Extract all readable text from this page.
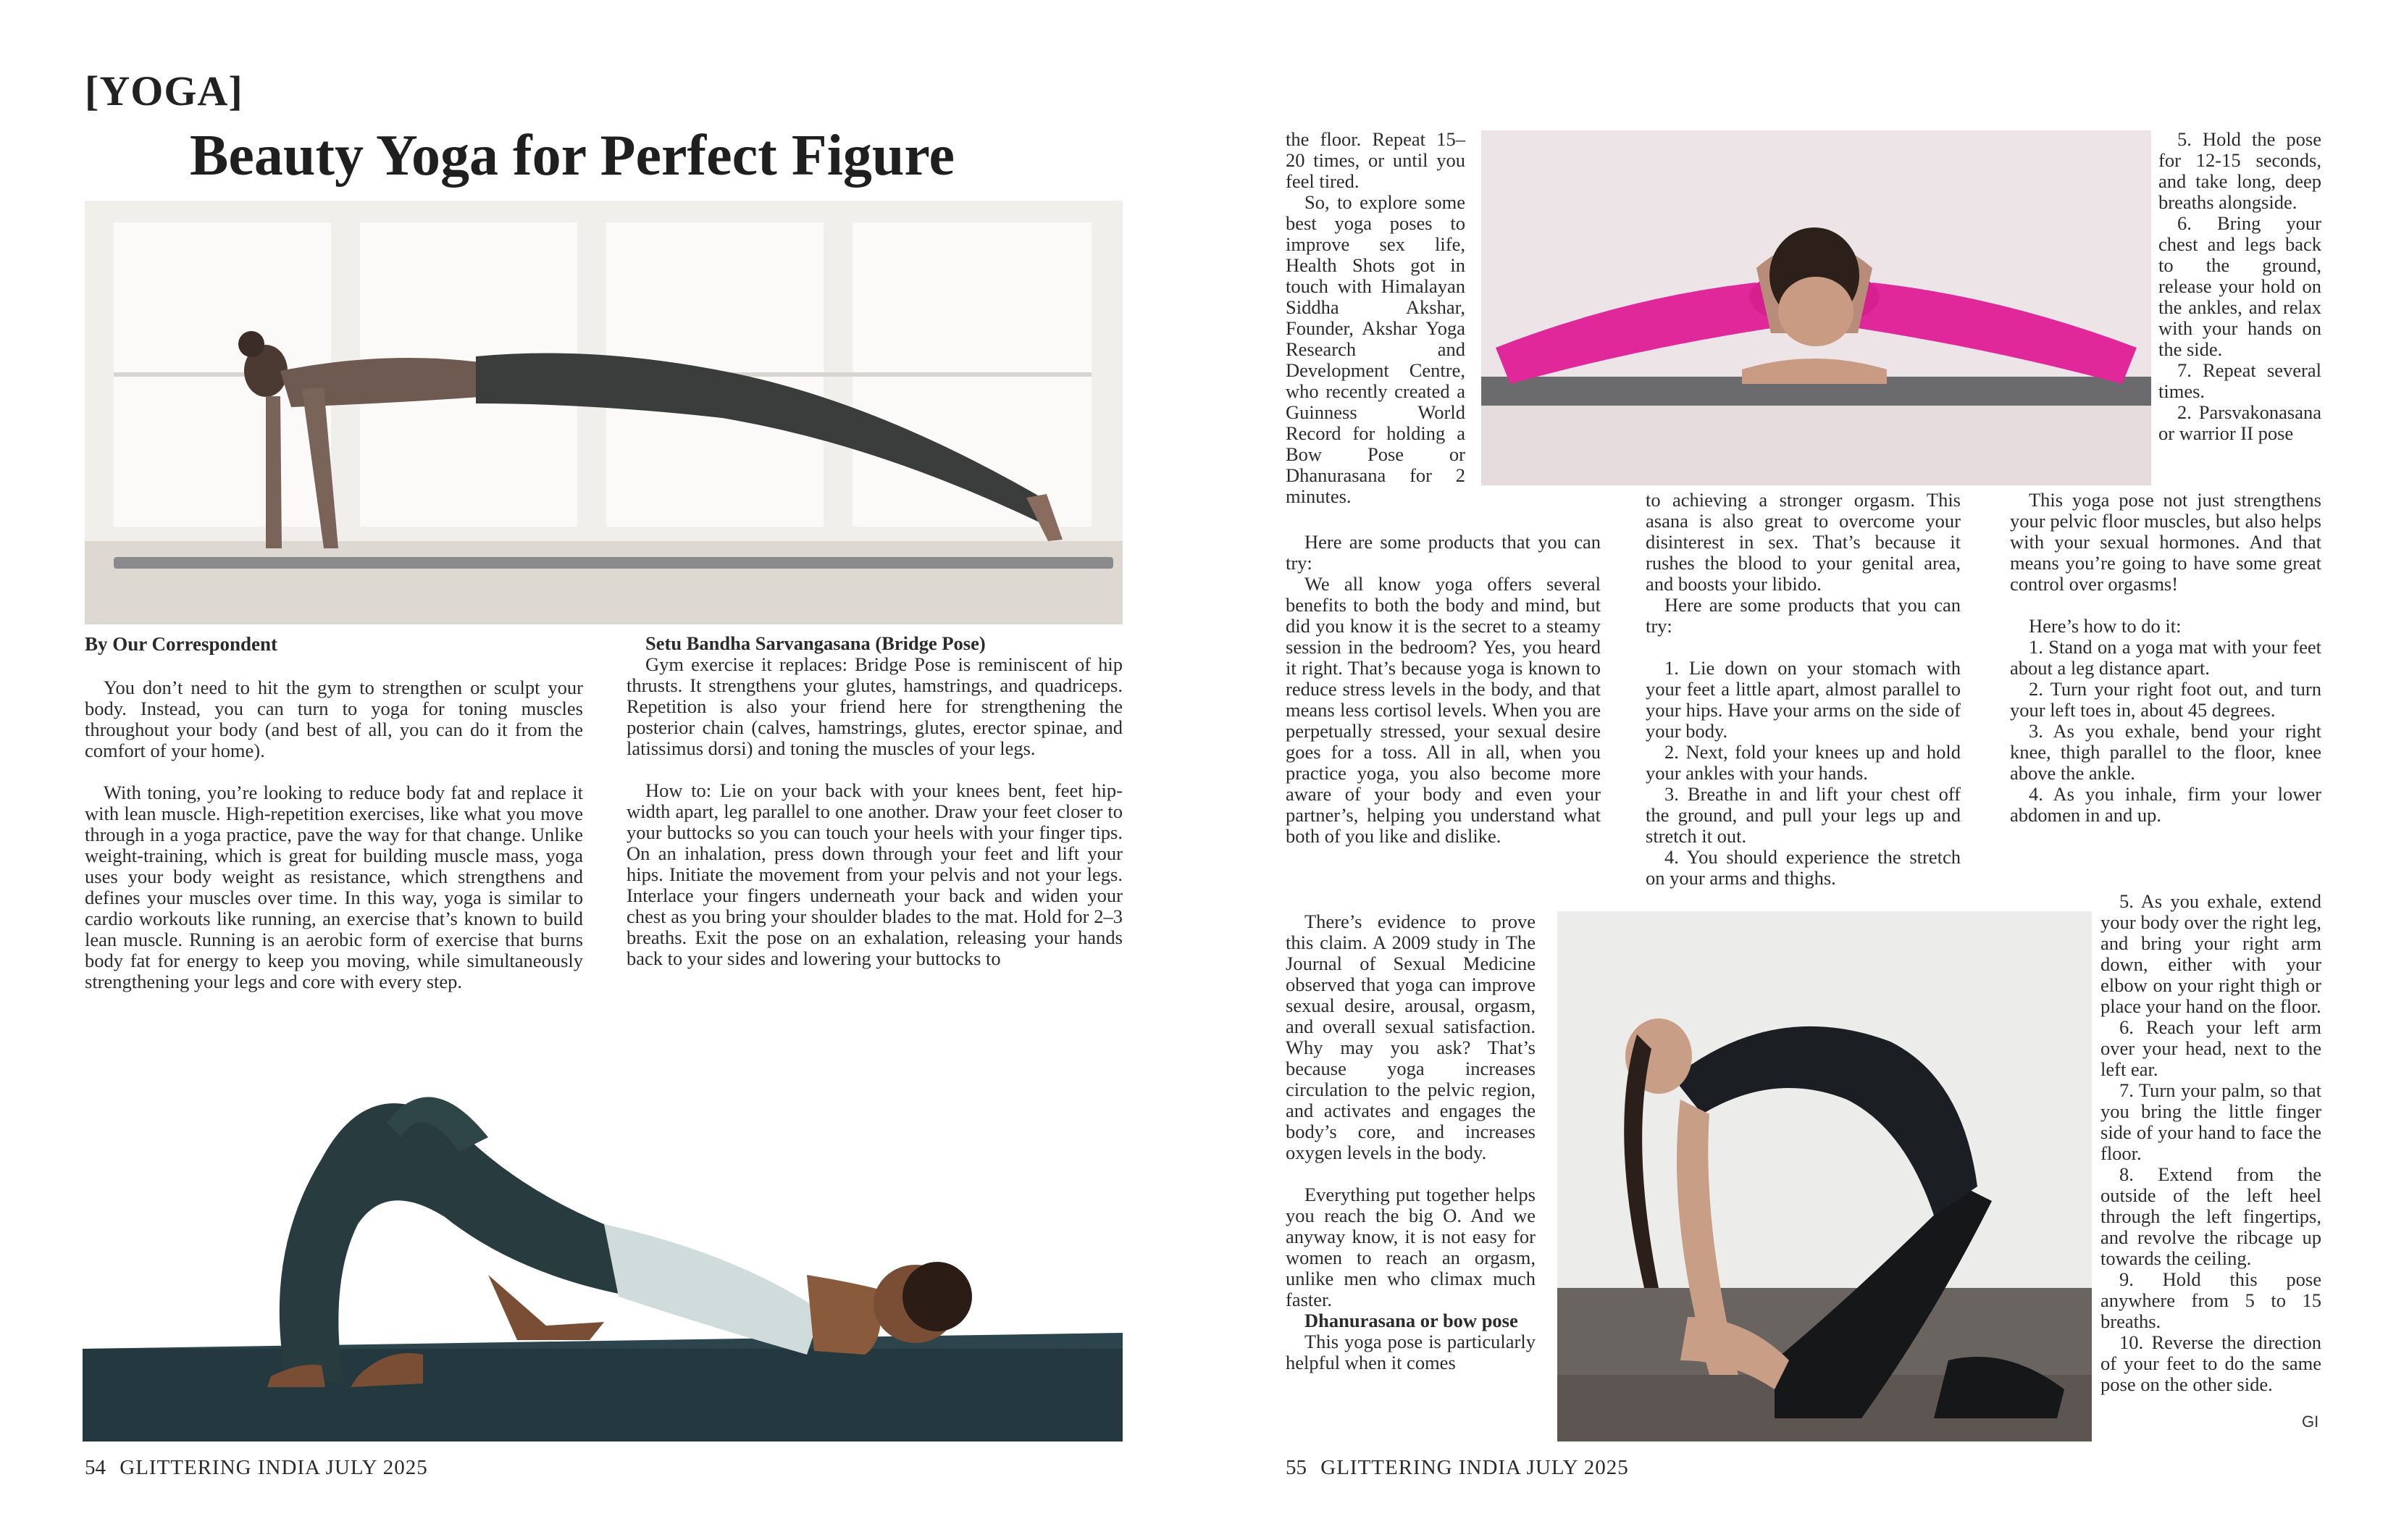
[YOGA]
Beauty Yoga for Perfect Figure
By Our Correspondent

You don’t need to hit the gym to strengthen or sculpt your body. Instead, you can turn to yoga for toning muscles throughout your body (and best of all, you can do it from the comfort of your home).

With toning, you’re looking to reduce body fat and replace it with lean muscle. High-repetition exercises, like what you move through in a yoga practice, pave the way for that change. Unlike weight-training, which is great for building muscle mass, yoga uses your body weight as resistance, which strengthens and defines your muscles over time. In this way, yoga is similar to cardio workouts like running, an exercise that’s known to build lean muscle. Running is an aerobic form of exercise that burns body fat for energy to keep you moving, while simultaneously strengthening your legs and core with every step.

Setu Bandha Sarvangasana (Bridge Pose)

Gym exercise it replaces: Bridge Pose is reminiscent of hip thrusts. It strengthens your glutes, hamstrings, and quadriceps. Repetition is also your friend here for strengthening the posterior chain (calves, hamstrings, glutes, erector spinae, and latissimus dorsi) and toning the muscles of your legs.

How to: Lie on your back with your knees bent, feet hip-width apart, leg parallel to one another. Draw your feet closer to your buttocks so you can touch your heels with your finger tips. On an inhalation, press down through your feet and lift your hips. Initiate the movement from your pelvis and not your legs. Interlace your fingers underneath your back and widen your chest as you bring your shoulder blades to the mat. Hold for 2–3 breaths. Exit the pose on an exhalation, releasing your hands back to your sides and lowering your buttocks to

54 GLITTERING INDIA JULY 2025

the floor. Repeat 15–20 times, or until you feel tired.

So, to explore some best yoga poses to improve sex life, Health Shots got in touch with Himalayan Siddha Akshar, Founder, Akshar Yoga Research and Development Centre, who recently created a Guinness World Record for holding a Bow Pose or Dhanurasana for 2 minutes.

Here are some products that you can try:

We all know yoga offers several benefits to both the body and mind, but did you know it is the secret to a steamy session in the bedroom? Yes, you heard it right. That’s because yoga is known to reduce stress levels in the body, and that means less cortisol levels. When you are perpetually stressed, your sexual desire goes for a toss. All in all, when you practice yoga, you also become more aware of your body and even your partner’s, helping you understand what both of you like and dislike.

There’s evidence to prove this claim. A 2009 study in The Journal of Sexual Medicine observed that yoga can improve sexual desire, arousal, orgasm, and overall sexual satisfaction. Why may you ask? That’s because yoga increases circulation to the pelvic region, and activates and engages the body’s core, and increases oxygen levels in the body.

Everything put together helps you reach the big O. And we anyway know, it is not easy for women to reach an orgasm, unlike men who climax much faster.

Dhanurasana or bow pose

This yoga pose is particularly helpful when it comes

to achieving a stronger orgasm. This asana is also great to overcome your disinterest in sex. That’s because it rushes the blood to your genital area, and boosts your libido.

Here are some products that you can try:

1. Lie down on your stomach with your feet a little apart, almost parallel to your hips. Have your arms on the side of your body.
2. Next, fold your knees up and hold your ankles with your hands.
3. Breathe in and lift your chest off the ground, and pull your legs up and stretch it out.
4. You should experience the stretch on your arms and thighs.

5. Hold the pose for 12-15 seconds, and take long, deep breaths alongside.

6. Bring your chest and legs back to the ground, release your hold on the ankles, and relax with your hands on the side.

7. Repeat several times.

2. Parsvakonasana or warrior II pose

This yoga pose not just strengthens your pelvic floor muscles, but also helps with your sexual hormones. And that means you’re going to have some great control over orgasms!

Here’s how to do it:

1. Stand on a yoga mat with your feet about a leg distance apart.
2. Turn your right foot out, and turn your left toes in, about 45 degrees.
3. As you exhale, bend your right knee, thigh parallel to the floor, knee above the ankle.
4. As you inhale, firm your lower abdomen in and up.

5. As you exhale, extend your body over the right leg, and bring your right arm down, either with your elbow on your right thigh or place your hand on the floor.

6. Reach your left arm over your head, next to the left ear.

7. Turn your palm, so that you bring the little finger side of your hand to face the floor.

8. Extend from the outside of the left heel through the left fingertips, and revolve the ribcage up towards the ceiling.

9. Hold this pose anywhere from 5 to 15 breaths.

10. Reverse the direction of your feet to do the same pose on the other side.

GI
55 GLITTERING INDIA JULY 2025
